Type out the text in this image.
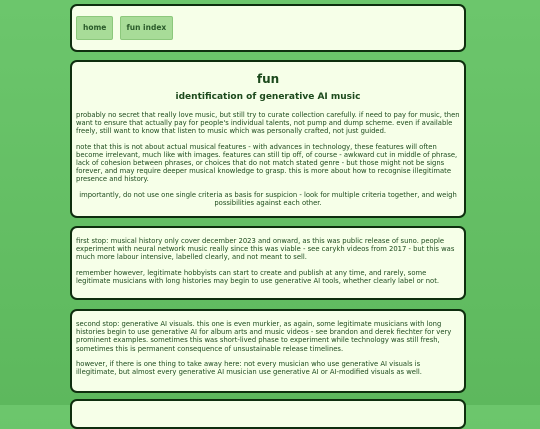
home	fun index
fun
identification of generative AI music

probably no secret that really love music, but still try to curate collection carefully. if need to pay for music, then want to ensure that actually pay for people's individual talents, not pump and dump scheme. even if available freely, still want to know that listen to music which was personally crafted, not just guided.

note that this is not about actual musical features - with advances in technology, these features will often become irrelevant, much like with images. features can still tip off, of course - awkward cut in middle of phrase, lack of cohesion between phrases, or choices that do not match stated genre - but those might not be signs forever, and may require deeper musical knowledge to grasp. this is more about how to recognise illegitimate presence and history.

importantly, do not use one single criteria as basis for suspicion - look for multiple criteria together, and weigh possibilities against each other.

first stop: musical history only cover december 2023 and onward, as this was public release of suno. people experiment with neural network music really since this was viable - see carykh videos from 2017 - but this was much more labour intensive, labelled clearly, and not meant to sell.

remember however, legitimate hobbyists can start to create and publish at any time, and rarely, some legitimate musicians with long histories may begin to use generative AI tools, whether clearly label or not.

second stop: generative AI visuals. this one is even murkier, as again, some legitimate musicians with long histories begin to use generative AI for album arts and music videos - see brandon and derek fiechter for very prominent examples. sometimes this was short-lived phase to experiment while technology was still fresh, sometimes this is permanent consequence of unsustainable release timelines.

however, if there is one thing to take away here: not every musician who use generative AI visuals is illegitimate, but almost every generative AI musician use generative AI or AI-modified visuals as well.
